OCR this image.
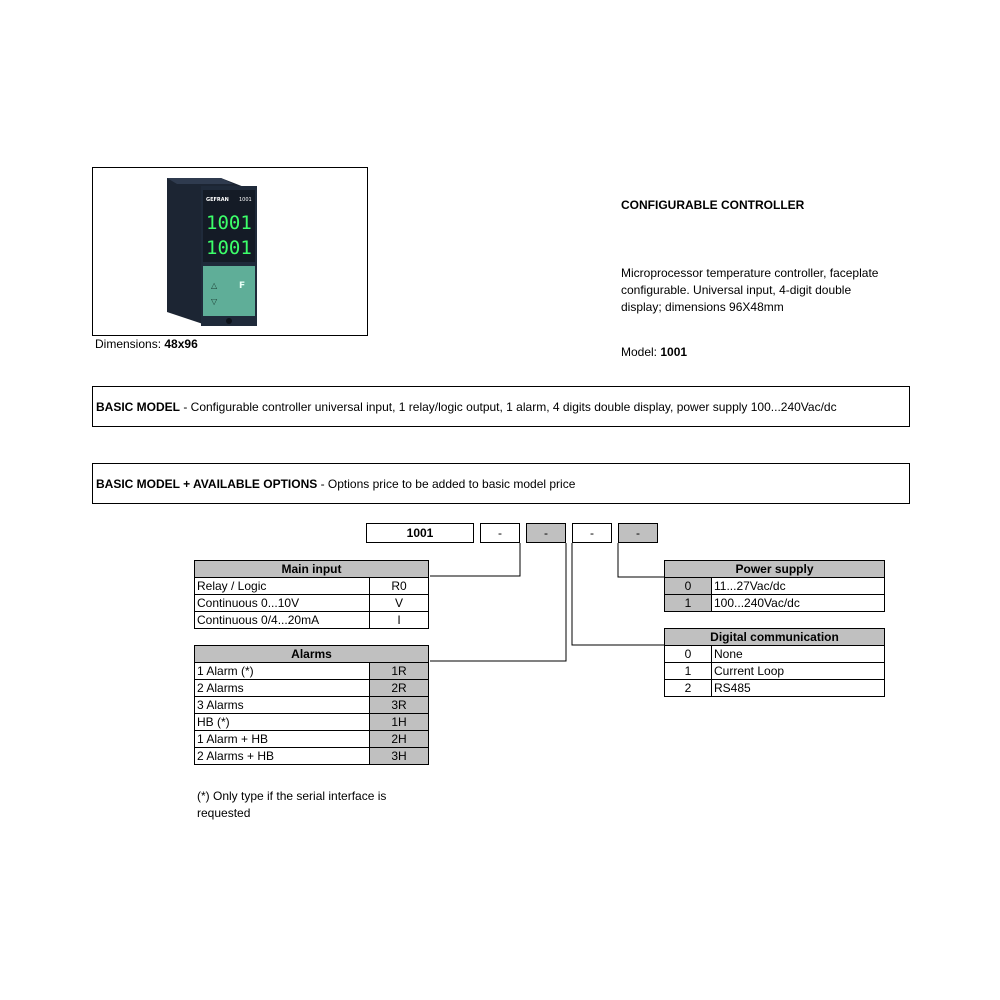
GEFRAN 1001
1001
1001
△
▽
F
Dimensions: 48x96
CONFIGURABLE CONTROLLER
Microprocessor temperature controller, faceplate configurable. Universal input, 4-digit double display; dimensions 96X48mm
Model: 1001
BASIC MODEL - Configurable controller universal input, 1 relay/logic output, 1 alarm, 4 digits double display, power supply 100...240Vac/dc
BASIC MODEL + AVAILABLE OPTIONS - Options price to be added to basic model price
1001	-	-	-	-
Main input	
Relay / Logic	R0
Continuous 0...10V	V
Continuous 0/4...20mA	I
Alarms	
1 Alarm (*)	1R
2 Alarms	2R
3 Alarms	3R
HB (*)	1H
1 Alarm + HB	2H
2 Alarms + HB	3H
Power supply	
0	11...27Vac/dc
1	100...240Vac/dc
Digital communication	
0	None
1	Current Loop
2	RS485
(*) Only type if the serial interface is requested
